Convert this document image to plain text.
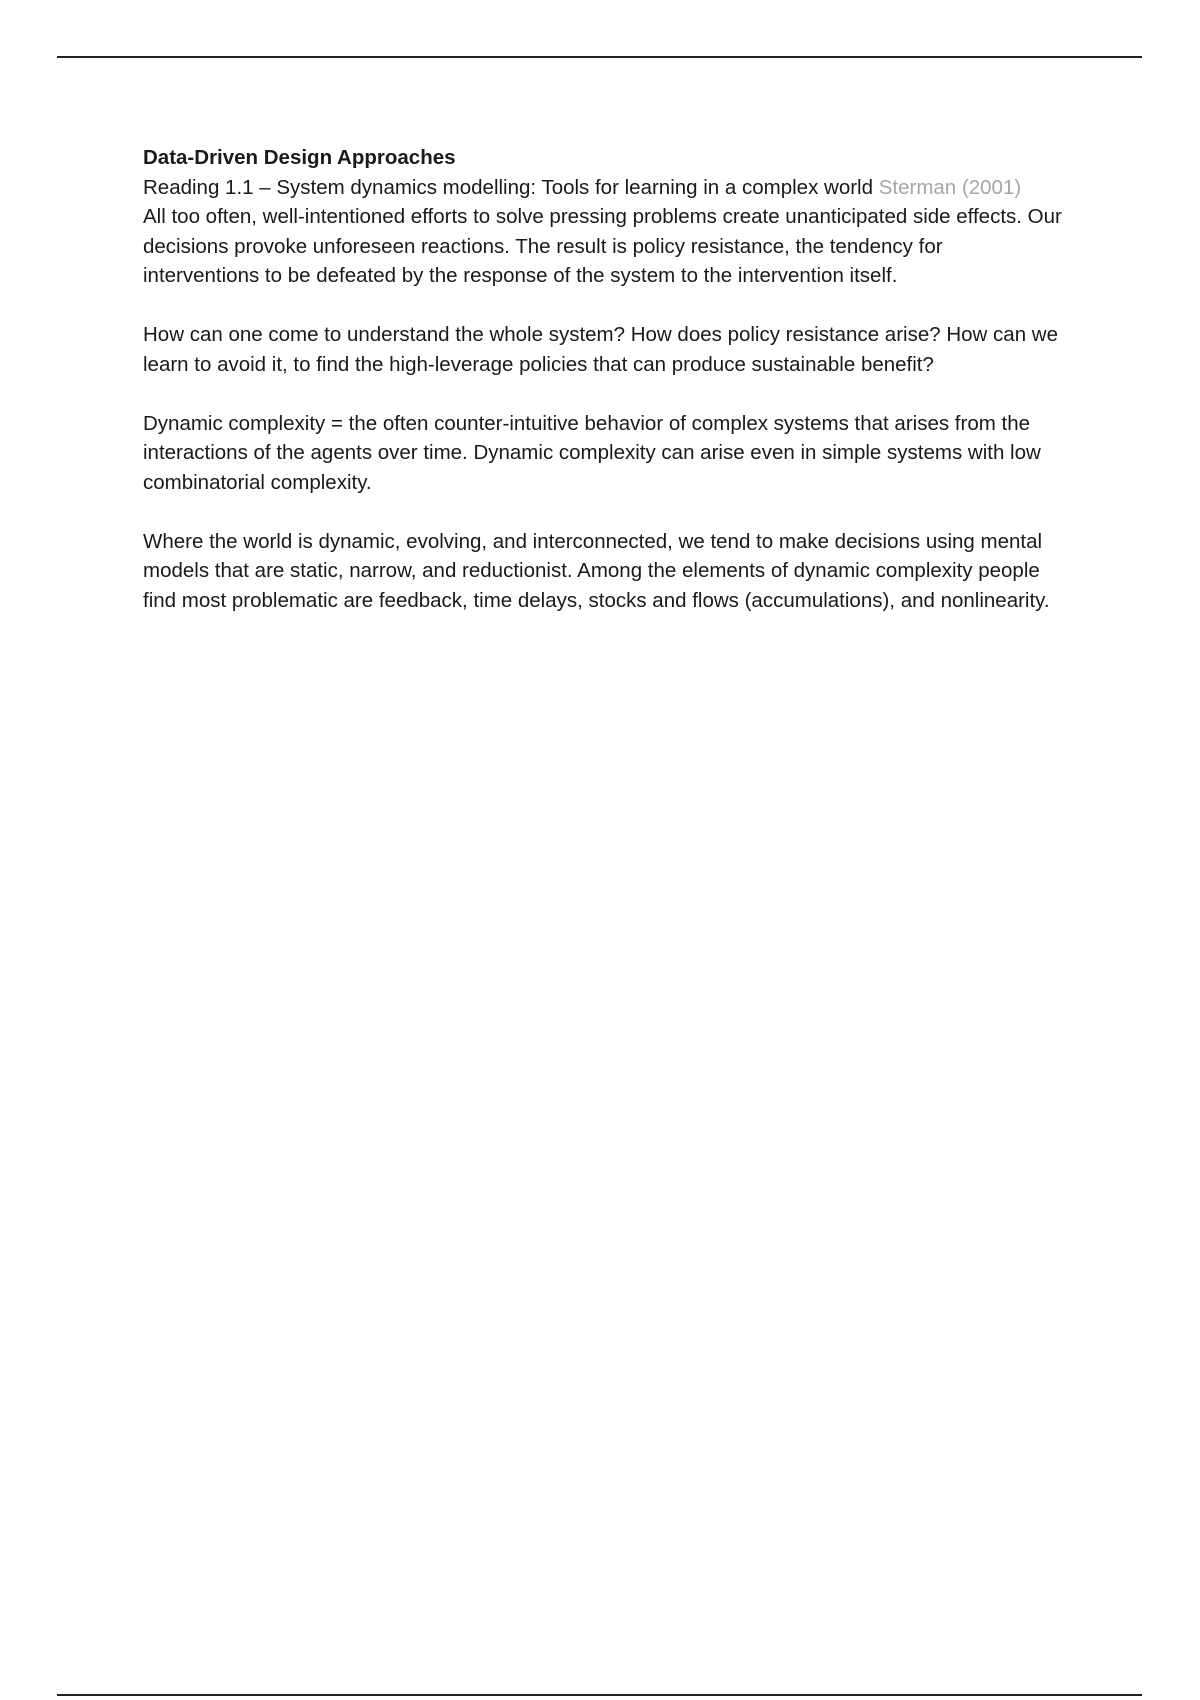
Data-Driven Design Approaches

Reading 1.1 – System dynamics modelling: Tools for learning in a complex world Sterman (2001)

All too often, well-intentioned efforts to solve pressing problems create unanticipated side effects. Our decisions provoke unforeseen reactions. The result is policy resistance, the tendency for interventions to be defeated by the response of the system to the intervention itself.

How can one come to understand the whole system? How does policy resistance arise? How can we learn to avoid it, to find the high-leverage policies that can produce sustainable benefit?

Dynamic complexity = the often counter-intuitive behavior of complex systems that arises from the interactions of the agents over time. Dynamic complexity can arise even in simple systems with low combinatorial complexity.

Where the world is dynamic, evolving, and interconnected, we tend to make decisions using mental models that are static, narrow, and reductionist. Among the elements of dynamic complexity people find most problematic are feedback, time delays, stocks and flows (accumulations), and nonlinearity.
